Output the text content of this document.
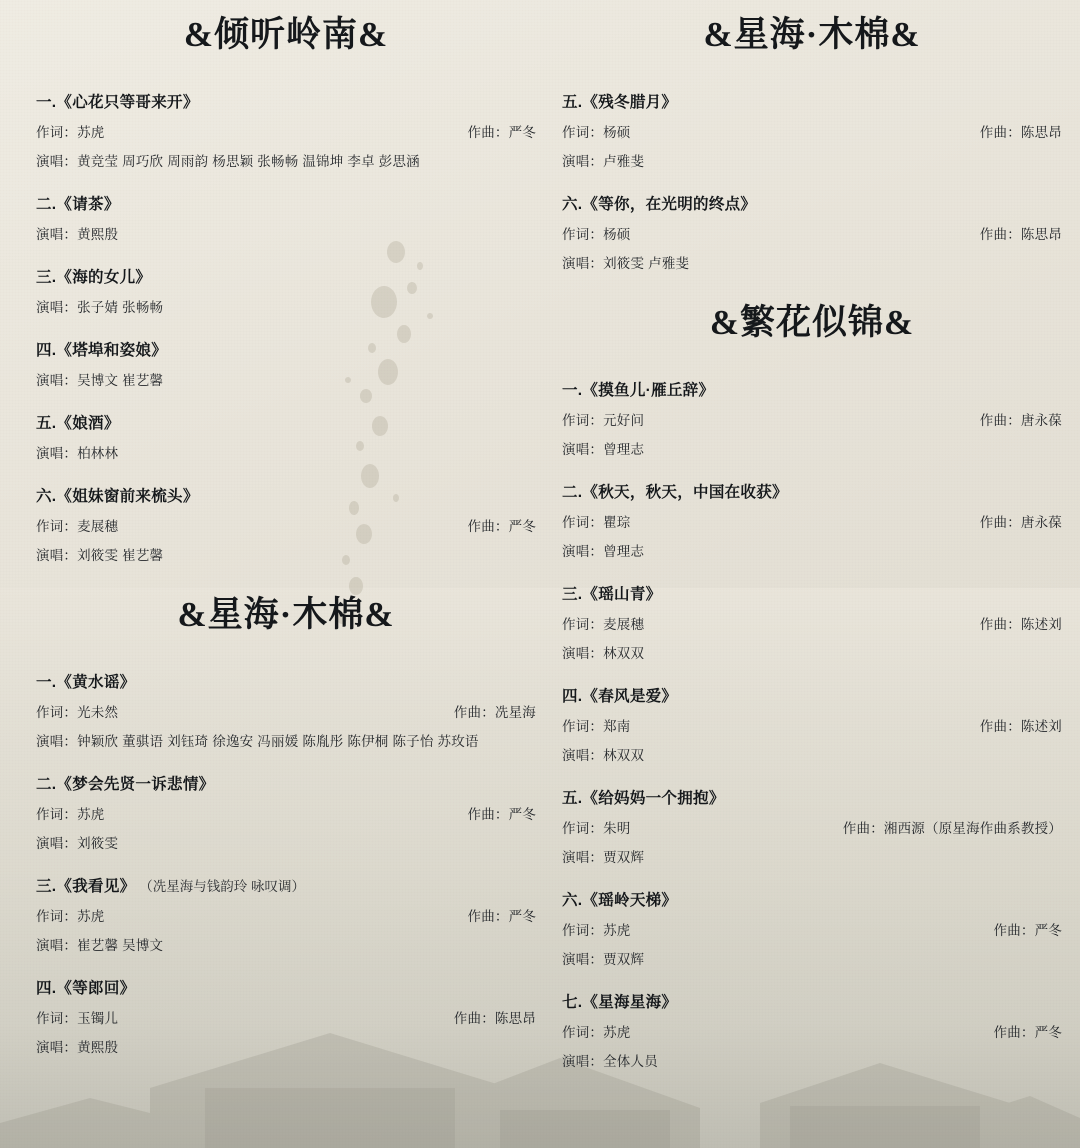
&倾听岭南&
一.《心花只等哥来开》
作词：苏虎	作曲：严冬
演唱：黄竞莹 周巧欣 周雨韵 杨思颖 张畅畅 温锦坤 李卓 彭思涵
二.《请茶》
演唱：黄熙殷
三.《海的女儿》
演唱：张子婧 张畅畅
四.《塔埠和姿娘》
演唱：吴博文 崔艺馨
五.《娘酒》
演唱：柏林林
六.《姐妹窗前来梳头》
作词：麦展穗	作曲：严冬
演唱：刘筱雯 崔艺馨
&星海·木棉&
一.《黄水谣》
作词：光未然	作曲：冼星海
演唱：钟颖欣 董骐语 刘钰琦 徐逸安 冯丽媛 陈胤彤 陈伊桐 陈子怡 苏玫语
二.《梦会先贤一诉悲情》
作词：苏虎	作曲：严冬
演唱：刘筱雯
三.《我看见》 （冼星海与钱韵玲 咏叹调）
作词：苏虎	作曲：严冬
演唱：崔艺馨 吴博文
四.《等郎回》
作词：玉镯儿	作曲：陈思昂
演唱：黄熙殷
&星海·木棉&
五.《残冬腊月》
作词：杨硕	作曲：陈思昂
演唱：卢雅斐
六.《等你，在光明的终点》
作词：杨硕	作曲：陈思昂
演唱：刘筱雯 卢雅斐
&繁花似锦&
一.《摸鱼儿·雁丘辞》
作词：元好问	作曲：唐永葆
演唱：曾理志
二.《秋天，秋天，中国在收获》
作词：瞿琮	作曲：唐永葆
演唱：曾理志
三.《瑶山青》
作词：麦展穗	作曲：陈述刘
演唱：林双双
四.《春风是爱》
作词：郑南	作曲：陈述刘
演唱：林双双
五.《给妈妈一个拥抱》
作词：朱明	作曲：湘西源（原星海作曲系教授）
演唱：贾双辉
六.《瑶岭天梯》
作词：苏虎	作曲：严冬
演唱：贾双辉
七.《星海星海》
作词：苏虎	作曲：严冬
演唱：全体人员
